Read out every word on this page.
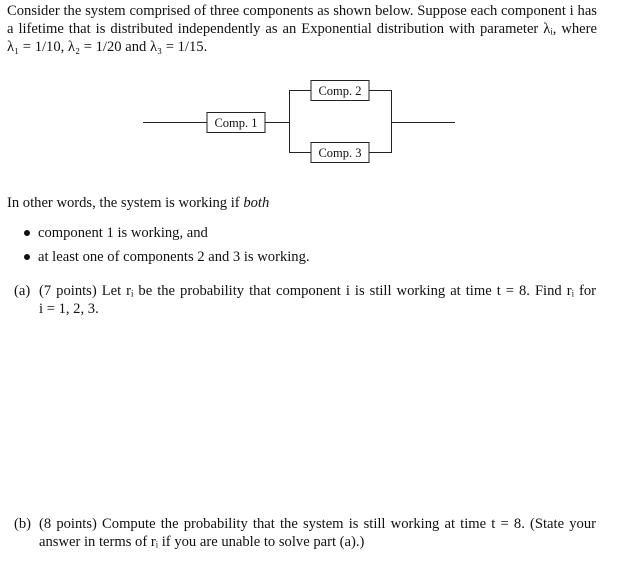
Consider the system comprised of three components as shown below. Suppose each component i has
a lifetime that is distributed independently as an Exponential distribution with parameter λᵢ, where
λ₁ = 1/10, λ₂ = 1/20 and λ₃ = 1/15.
Comp. 1
Comp. 2
Comp. 3
In other words, the system is working if both
component 1 is working, and
at least one of components 2 and 3 is working.
(a) (7 points) Let rᵢ be the probability that component i is still working at time t = 8. Find rᵢ for
i = 1, 2, 3.
(b) (8 points) Compute the probability that the system is still working at time t = 8. (State your
answer in terms of rᵢ if you are unable to solve part (a).)
